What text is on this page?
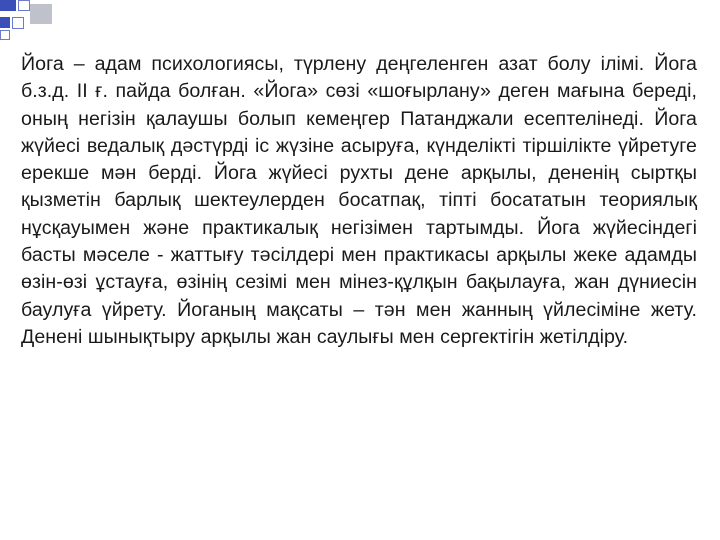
Йога – адам психологиясы, түрлену деңгеленген азат болу ілімі. Йога б.з.д. ІІ ғ. пайда болған. «Йога» сөзі «шоғырлану» деген мағына береді, оның негізін қалаушы болып кемеңгер Патанджали есептелінеді. Йога жүйесі ведалық дәстүрді іс жүзіне асыруға, күнделікті тіршілікте үйретуге ерекше мән берді. Йога жүйесі рухты дене арқылы, дененің сыртқы қызметін барлық шектеулерден босатпақ, тіпті босататын теориялық нұсқауымен және практикалық негізімен тартымды. Йога жүйесіндегі басты мәселе - жаттығу тәсілдері мен практикасы арқылы жеке адамды өзін-өзі ұстауға, өзінің сезімі мен мінез-құлқын бақылауға, жан дүниесін баулуға үйрету. Йоганың мақсаты – тән мен жанның үйлесіміне жету. Денені шынықтыру арқылы жан саулығы мен сергектігін жетілдіру.
